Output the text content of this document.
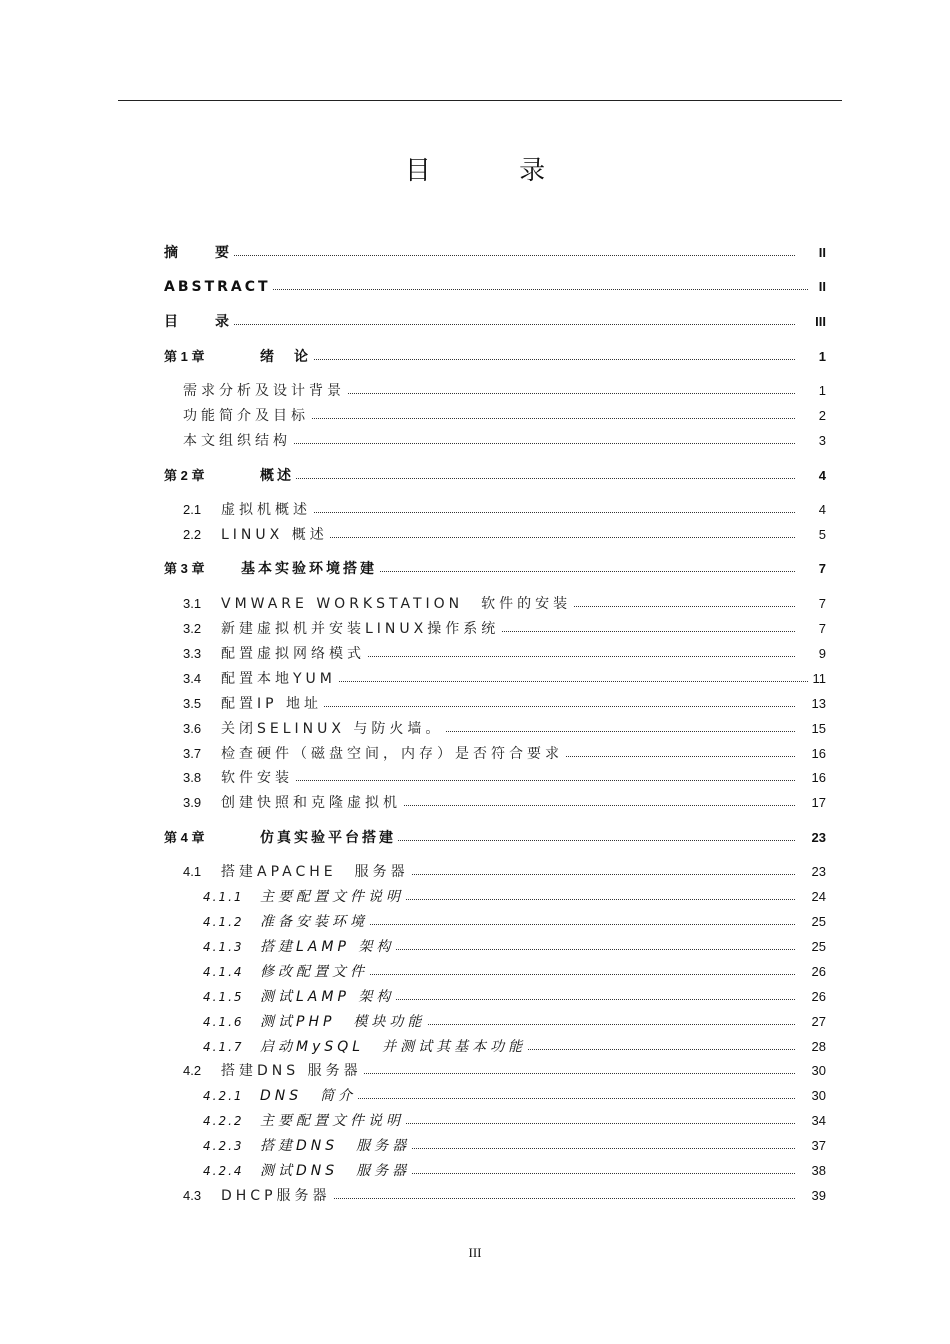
目 录
摘　　要	II
ABSTRACT	II
目　　录	III
第 1 章	绪　论	1
需求分析及设计背景	1
功能简介及目标	2
本文组织结构	3
第 2 章	概述	4
2.1 虚拟机概述	4
2.2 LINUX 概述	5
第 3 章	基本实验环境搭建	7
3.1 VMWARE WORKSTATION　软件的安装	7
3.2 新建虚拟机并安装LINUX操作系统	7
3.3 配置虚拟网络模式	9
3.4 配置本地YUM	11
3.5 配置IP 地址	13
3.6 关闭SELINUX 与防火墙。	15
3.7 检查硬件（磁盘空间，内存）是否符合要求	16
3.8 软件安装	16
3.9 创建快照和克隆虚拟机	17
第 4 章	仿真实验平台搭建	23
4.1 搭建APACHE　服务器	23
4.1.1 主要配置文件说明	24
4.1.2 准备安装环境	25
4.1.3 搭建LAMP 架构	25
4.1.4 修改配置文件	26
4.1.5 测试LAMP 架构	26
4.1.6 测试PHP　模块功能	27
4.1.7 启动MySQL　并测试其基本功能	28
4.2 搭建DNS 服务器	30
4.2.1 DNS　简介	30
4.2.2 主要配置文件说明	34
4.2.3 搭建DNS　服务器	37
4.2.4 测试DNS　服务器	38
4.3 DHCP服务器	39
III
